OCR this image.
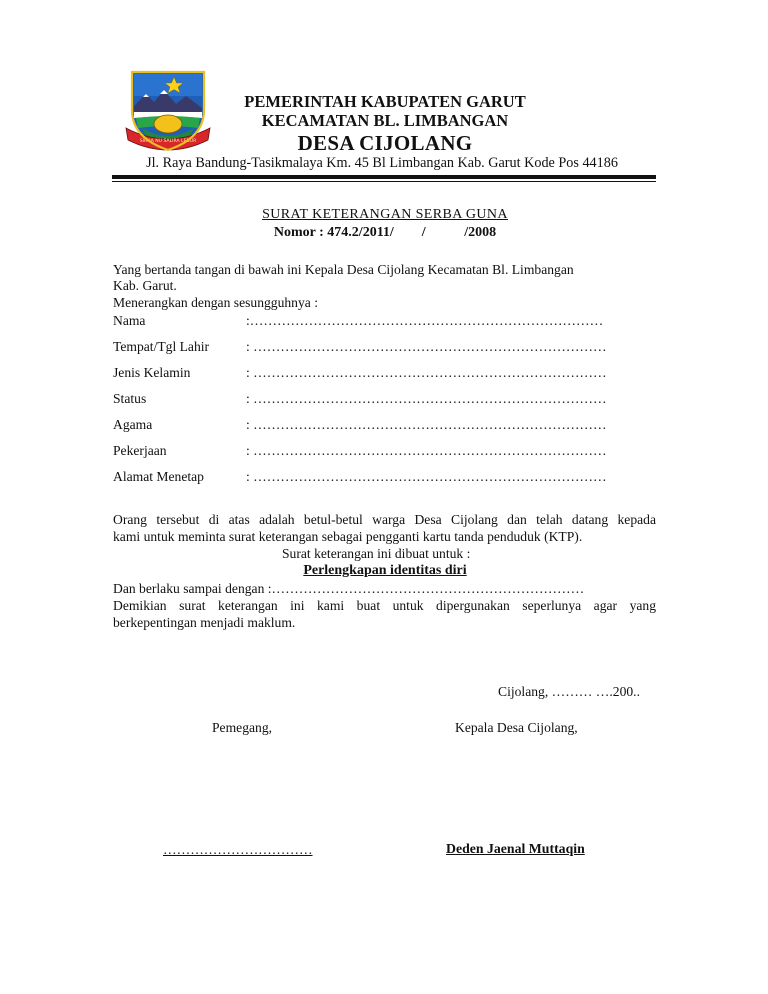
SIRNA NU SALIRA LEBUR
PEMERINTAH KABUPATEN GARUT
KECAMATAN BL. LIMBANGAN
DESA CIJOLANG
Jl. Raya Bandung-Tasikmalaya Km. 45 Bl Limbangan Kab. Garut Kode Pos 44186
SURAT KETERANGAN SERBA GUNA
Nomor : 474.2/2011/        /           /2008
Yang bertanda tangan di bawah ini Kepala Desa Cijolang Kecamatan Bl. Limbangan
Kab. Garut.
Menerangkan dengan sesungguhnya :
Nama	:……………………………………………………………………
Tempat/Tgl Lahir	: ……………………………………………………………………
Jenis Kelamin	: ……………………………………………………………………
Status	: ……………………………………………………………………
Agama	: ……………………………………………………………………
Pekerjaan	: ……………………………………………………………………
Alamat Menetap	: ……………………………………………………………………
Orang tersebut di atas adalah betul-betul warga Desa Cijolang dan telah datang kepada
kami untuk meminta surat keterangan sebagai pengganti kartu tanda penduduk (KTP).
Surat keterangan ini dibuat untuk :
Perlengkapan identitas diri
Dan berlaku sampai dengan :……………………………………………………………
Demikian surat keterangan ini kami buat untuk dipergunakan seperlunya agar yang
berkepentingan menjadi maklum.
Cijolang, ……… ….200..
Pemegang,	Kepala Desa Cijolang,
……………………………	Deden Jaenal Muttaqin
